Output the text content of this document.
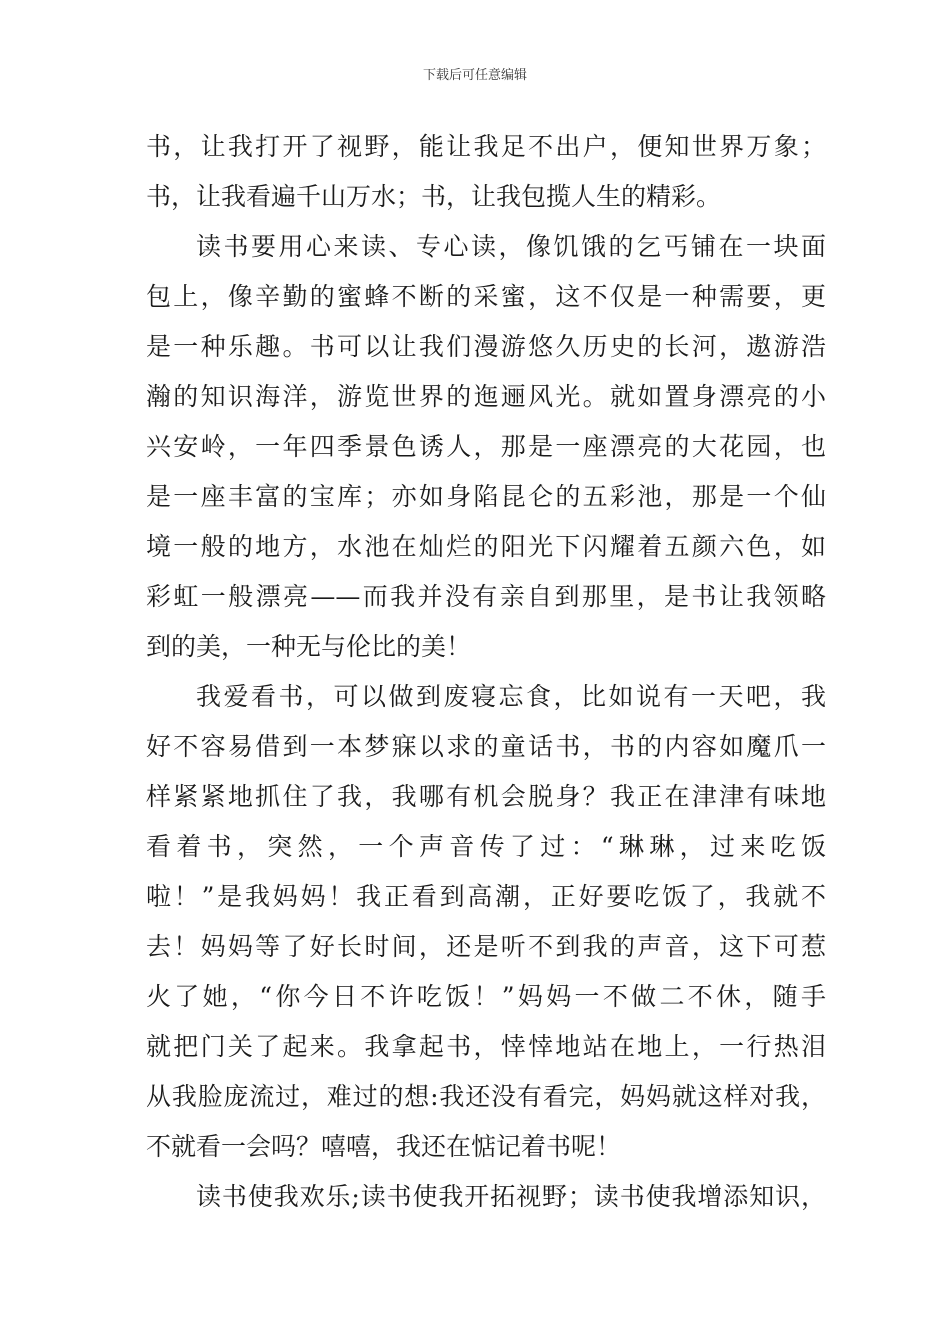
下载后可任意编辑
书，让我打开了视野，能让我足不出户，便知世界万象；
书，让我看遍千山万水；书，让我包揽人生的精彩。
读书要用心来读、专心读，像饥饿的乞丐铺在一块面
包上，像辛勤的蜜蜂不断的采蜜，这不仅是一种需要，更
是一种乐趣。书可以让我们漫游悠久历史的长河，遨游浩
瀚的知识海洋，游览世界的迤逦风光。就如置身漂亮的小
兴安岭，一年四季景色诱人，那是一座漂亮的大花园，也
是一座丰富的宝库；亦如身陷昆仑的五彩池，那是一个仙
境一般的地方，水池在灿烂的阳光下闪耀着五颜六色，如
彩虹一般漂亮——而我并没有亲自到那里，是书让我领略
到的美，一种无与伦比的美！
我爱看书，可以做到废寝忘食，比如说有一天吧，我
好不容易借到一本梦寐以求的童话书，书的内容如魔爪一
样紧紧地抓住了我，我哪有机会脱身？我正在津津有味地
看着书，突然，一个声音传了过：“琳琳，过来吃饭
啦！”是我妈妈！我正看到高潮，正好要吃饭了，我就不
去！妈妈等了好长时间，还是听不到我的声音，这下可惹
火了她，“你今日不许吃饭！”妈妈一不做二不休，随手
就把门关了起来。我拿起书，悻悻地站在地上，一行热泪
从我脸庞流过，难过的想:我还没有看完，妈妈就这样对我，
不就看一会吗？嘻嘻，我还在惦记着书呢！
读书使我欢乐;读书使我开拓视野；读书使我增添知识，
